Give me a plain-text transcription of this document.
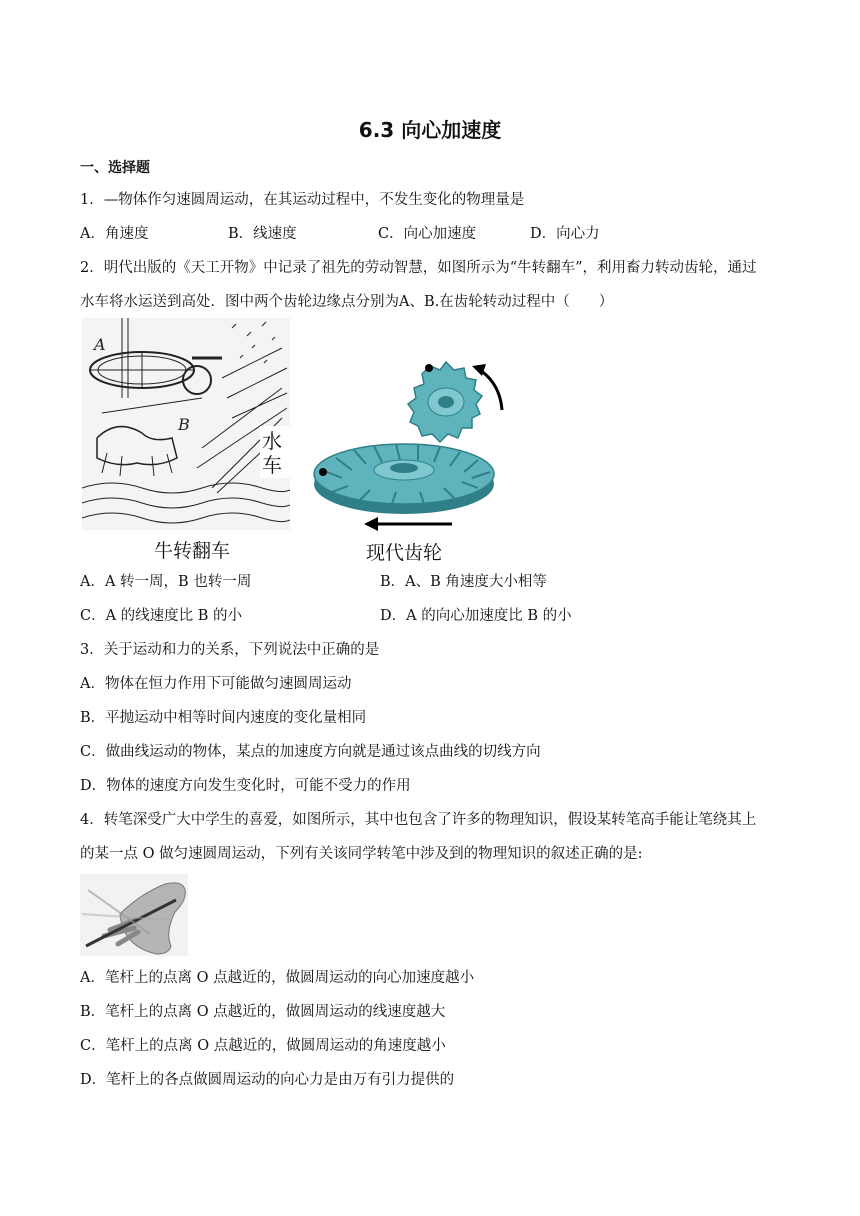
6.3 向心加速度
一、选择题
1．—物体作匀速圆周运动，在其运动过程中，不发生变化的物理量是
A．角速度	B．线速度	C．向心加速度	D．向心力
2．明代出版的《天工开物》中记录了祖先的劳动智慧，如图所示为“牛转翻车”，利用畜力转动齿轮，通过
水车将水运送到高处．图中两个齿轮边缘点分别为A、B.在齿轮转动过程中（　　）
A
B
水
车
牛转翻车	现代齿轮
A．A 转一周，B 也转一周	B．A、B 角速度大小相等
C．A 的线速度比 B 的小	D．A 的向心加速度比 B 的小
3．关于运动和力的关系，下列说法中正确的是
A．物体在恒力作用下可能做匀速圆周运动
B．平抛运动中相等时间内速度的变化量相同
C．做曲线运动的物体，某点的加速度方向就是通过该点曲线的切线方向
D．物体的速度方向发生变化时，可能不受力的作用
4．转笔深受广大中学生的喜爱，如图所示，其中也包含了许多的物理知识，假设某转笔高手能让笔绕其上
的某一点 O 做匀速圆周运动，下列有关该同学转笔中涉及到的物理知识的叙述正确的是:
A．笔杆上的点离 O 点越近的，做圆周运动的向心加速度越小
B．笔杆上的点离 O 点越近的，做圆周运动的线速度越大
C．笔杆上的点离 O 点越近的，做圆周运动的角速度越小
D．笔杆上的各点做圆周运动的向心力是由万有引力提供的
